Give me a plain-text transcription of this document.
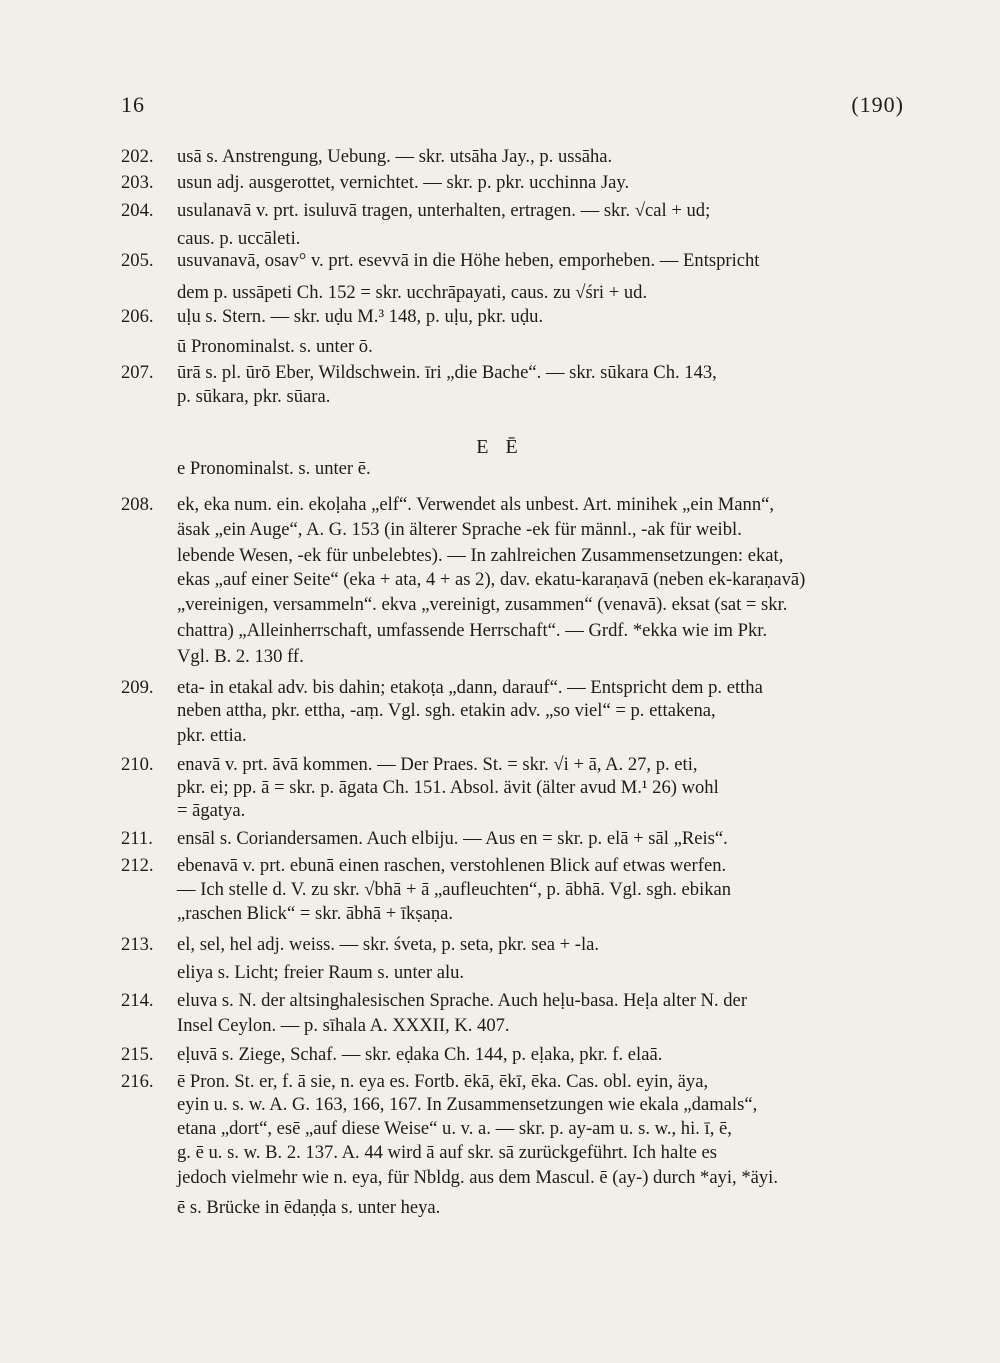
16	(190)
E Ē
202. usā s. Anstrengung, Uebung. — skr. utsāha Jay., p. ussāha.
203. usun adj. ausgerottet, vernichtet. — skr. p. pkr. ucchinna Jay.
204. usulanavā v. prt. isuluvā tragen, unterhalten, ertragen. — skr. √cal + ud;
caus. p. uccāleti.
205. usuvanavā, osav° v. prt. esevvā in die Höhe heben, emporheben. — Entspricht
dem p. ussāpeti Ch. 152 = skr. ucchrāpayati, caus. zu √śri + ud.
206. uḷu s. Stern. — skr. uḍu M.³ 148, p. uḷu, pkr. uḍu.
ū Pronominalst. s. unter ō.
207. ūrā s. pl. ūrō Eber, Wildschwein. īri „die Bache“. — skr. sūkara Ch. 143,
p. sūkara, pkr. sūara.
e Pronominalst. s. unter ē.
208. ek, eka num. ein. ekoḷaha „elf“. Verwendet als unbest. Art. minihek „ein Mann“,
äsak „ein Auge“, A. G. 153 (in älterer Sprache -ek für männl., -ak für weibl.
lebende Wesen, -ek für unbelebtes). — In zahlreichen Zusammensetzungen: ekat,
ekas „auf einer Seite“ (eka + ata, 4 + as 2), dav. ekatu-karaṇavā (neben ek-karaṇavā)
„vereinigen, versammeln“. ekva „vereinigt, zusammen“ (venavā). eksat (sat = skr.
chattra) „Alleinherrschaft, umfassende Herrschaft“. — Grdf. *ekka wie im Pkr.
Vgl. B. 2. 130 ff.
209. eta- in etakal adv. bis dahin; etakoṭa „dann, darauf“. — Entspricht dem p. ettha
neben attha, pkr. ettha, -aṃ. Vgl. sgh. etakin adv. „so viel“ = p. ettakena,
pkr. ettia.
210. enavā v. prt. āvā kommen. — Der Praes. St. = skr. √i + ā, A. 27, p. eti,
pkr. ei; pp. ā = skr. p. āgata Ch. 151. Absol. ävit (älter avud M.¹ 26) wohl
= āgatya.
211. ensāl s. Coriandersamen. Auch elbiju. — Aus en = skr. p. elā + sāl „Reis“.
212. ebenavā v. prt. ebunā einen raschen, verstohlenen Blick auf etwas werfen.
— Ich stelle d. V. zu skr. √bhā + ā „aufleuchten“, p. ābhā. Vgl. sgh. ebikan
„raschen Blick“ = skr. ābhā + īkṣaṇa.
213. el, sel, hel adj. weiss. — skr. śveta, p. seta, pkr. sea + -la.
eliya s. Licht; freier Raum s. unter alu.
214. eluva s. N. der altsinghalesischen Sprache. Auch heḷu-basa. Heḷa alter N. der
Insel Ceylon. — p. sīhala A. XXXII, K. 407.
215. eḷuvā s. Ziege, Schaf. — skr. eḍaka Ch. 144, p. eḷaka, pkr. f. elaā.
216. ē Pron. St. er, f. ā sie, n. eya es. Fortb. ēkā, ēkī, ēka. Cas. obl. eyin, äya,
eyin u. s. w. A. G. 163, 166, 167. In Zusammensetzungen wie ekala „damals“,
etana „dort“, esē „auf diese Weise“ u. v. a. — skr. p. ay-am u. s. w., hi. ī, ē,
g. ē u. s. w. B. 2. 137. A. 44 wird ā auf skr. sā zurückgeführt. Ich halte es
jedoch vielmehr wie n. eya, für Nbldg. aus dem Mascul. ē (ay-) durch *ayi, *äyi.
ē s. Brücke in ēdaṇḍa s. unter heya.
